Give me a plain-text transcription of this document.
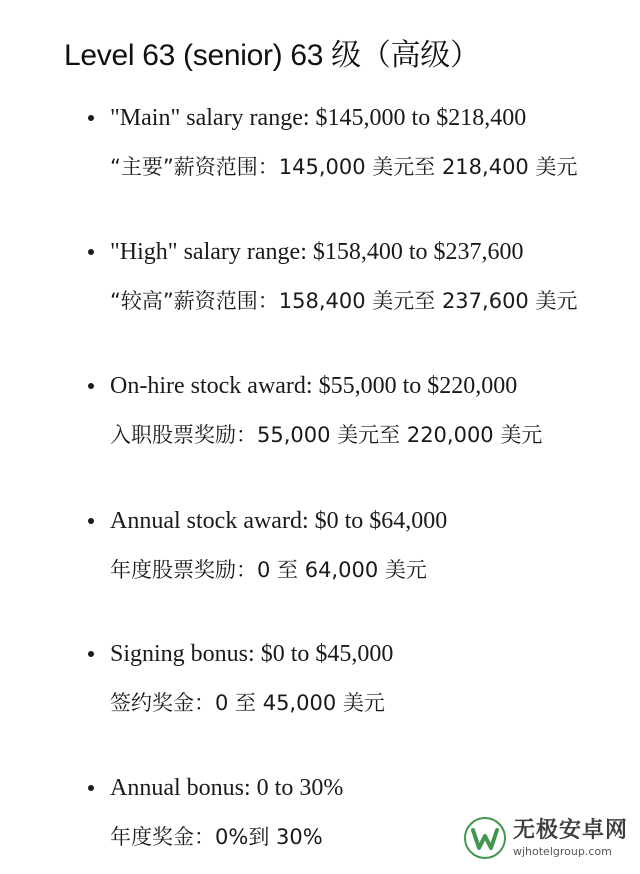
Level 63 (senior) 63 级（高级）
"Main" salary range: $145,000 to $218,400
“主要”薪资范围：145,000 美元至 218,400 美元
"High" salary range: $158,400 to $237,600
“较高”薪资范围：158,400 美元至 237,600 美元
On-hire stock award: $55,000 to $220,000
入职股票奖励：55,000 美元至 220,000 美元
Annual stock award: $0 to $64,000
年度股票奖励：0 至 64,000 美元
Signing bonus: $0 to $45,000
签约奖金：0 至 45,000 美元
Annual bonus: 0 to 30%
年度奖金：0%到 30%	无极安卓网
wjhotelgroup.com
